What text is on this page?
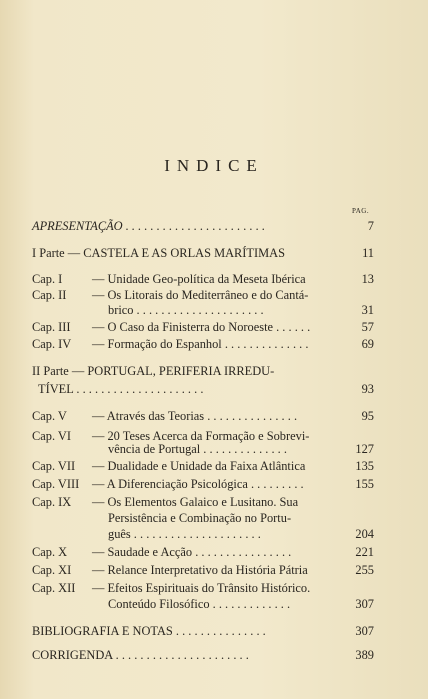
INDICE
PAG.
APRESENTAÇÃO . . . . . . . . . . . . . . . . . . . . . . .	7
I Parte — CASTELA E AS ORLAS MARÍTIMAS	11
Cap. I — Unidade Geo-política da Meseta Ibérica	13
Cap. II — Os Litorais do Mediterrâneo e do Cantá-
brico . . . . . . . . . . . . . . . . . . . . .	31
Cap. III — O Caso da Finisterra do Noroeste . . . . . .	57
Cap. IV — Formação do Espanhol . . . . . . . . . . . . . .	69
II Parte — PORTUGAL, PERIFERIA IRREDU-
TÍVEL . . . . . . . . . . . . . . . . . . . . .	93
Cap. V — Através das Teorias . . . . . . . . . . . . . . .	95
Cap. VI — 20 Teses Acerca da Formação e Sobrevi-
vência de Portugal . . . . . . . . . . . . . .	127
Cap. VII — Dualidade e Unidade da Faixa Atlântica	135
Cap. VIII — A Diferenciação Psicológica . . . . . . . . .	155
Cap. IX — Os Elementos Galaico e Lusitano. Sua
Persistência e Combinação no Portu-
guês . . . . . . . . . . . . . . . . . . . . .	204
Cap. X — Saudade e Acção . . . . . . . . . . . . . . . .	221
Cap. XI — Relance Interpretativo da História Pátria	255
Cap. XII — Efeitos Espirituais do Trânsito Histórico.
Conteúdo Filosófico . . . . . . . . . . . . .	307
BIBLIOGRAFIA E NOTAS . . . . . . . . . . . . . . .	307
CORRIGENDA . . . . . . . . . . . . . . . . . . . . . .	389
